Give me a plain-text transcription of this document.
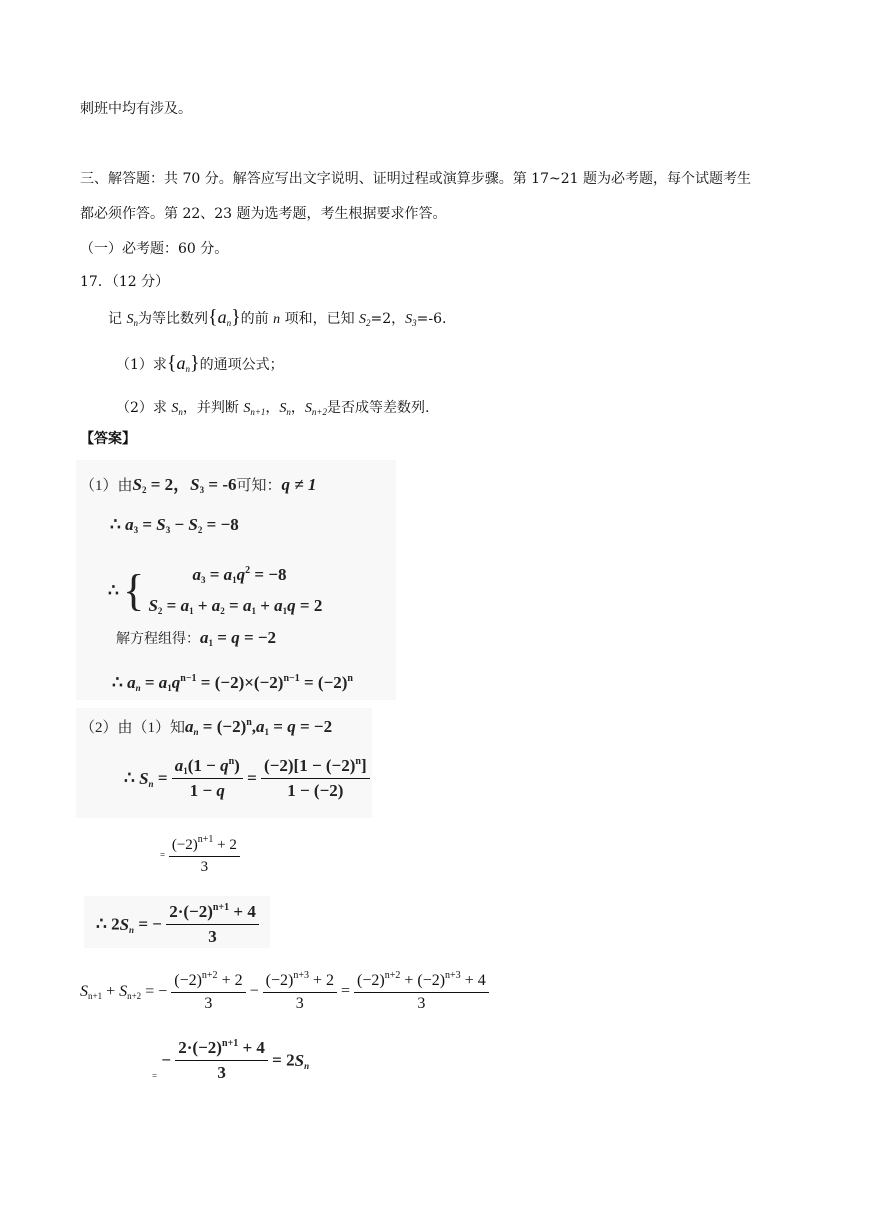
刺班中均有涉及。
三、解答题：共 70 分。解答应写出文字说明、证明过程或演算步骤。第 17~21 题为必考题，每个试题考生
都必须作答。第 22、23 题为选考题，考生根据要求作答。
（一）必考题：60 分。
17．（12 分）
记 $S_n$为等比数列$\{a_n\}$的前 n 项和，已知 $S_2=2$，$S_3=-6$.
（1）求$\{a_n\}$的通项公式；
（2）求 $S_n$，并判断 $S_{n+1}$，$S_n$，$S_{n+2}$是否成等差数列.
【答案】
（1）由$S_2 = 2$，$S_3 = -6$可知：q ≠ 1
∴ $a_3 = S_3 - S_2 = -8$
∴ {	$a_3 = a_1q^2 = -8$
$S_2 = a_1 + a_2 = a_1 + a_1q = 2$
解方程组得：$a_1 = q = -2$
∴ $a_n = a_1q^{n-1} = (-2)\times(-2)^{n-1} = (-2)^n$
（2）由（1）知$a_n = (-2)^n,a_1 = q = -2$
∴ $S_n = \frac{a_1(1 - q^n)}{1 - q} = \frac{(-2)[1 - (-2)^n]}{1 - (-2)}$
= $\frac{(-2)^{n+1} + 2}{3}$
∴ $2S_n$ = − $\frac{2\cdot(-2)^{n+1} + 4}{3}$
$S_{n+1} + S_{n+2}$ = − $\frac{(-2)^{n+2} + 2}{3} - \frac{(-2)^{n+3} + 2}{3} = \frac{(-2)^{n+2} + (-2)^{n+3} + 4}{3}$
$_= - \frac{2\cdot(-2)^{n+1} + 4}{3} = 2S_n$
